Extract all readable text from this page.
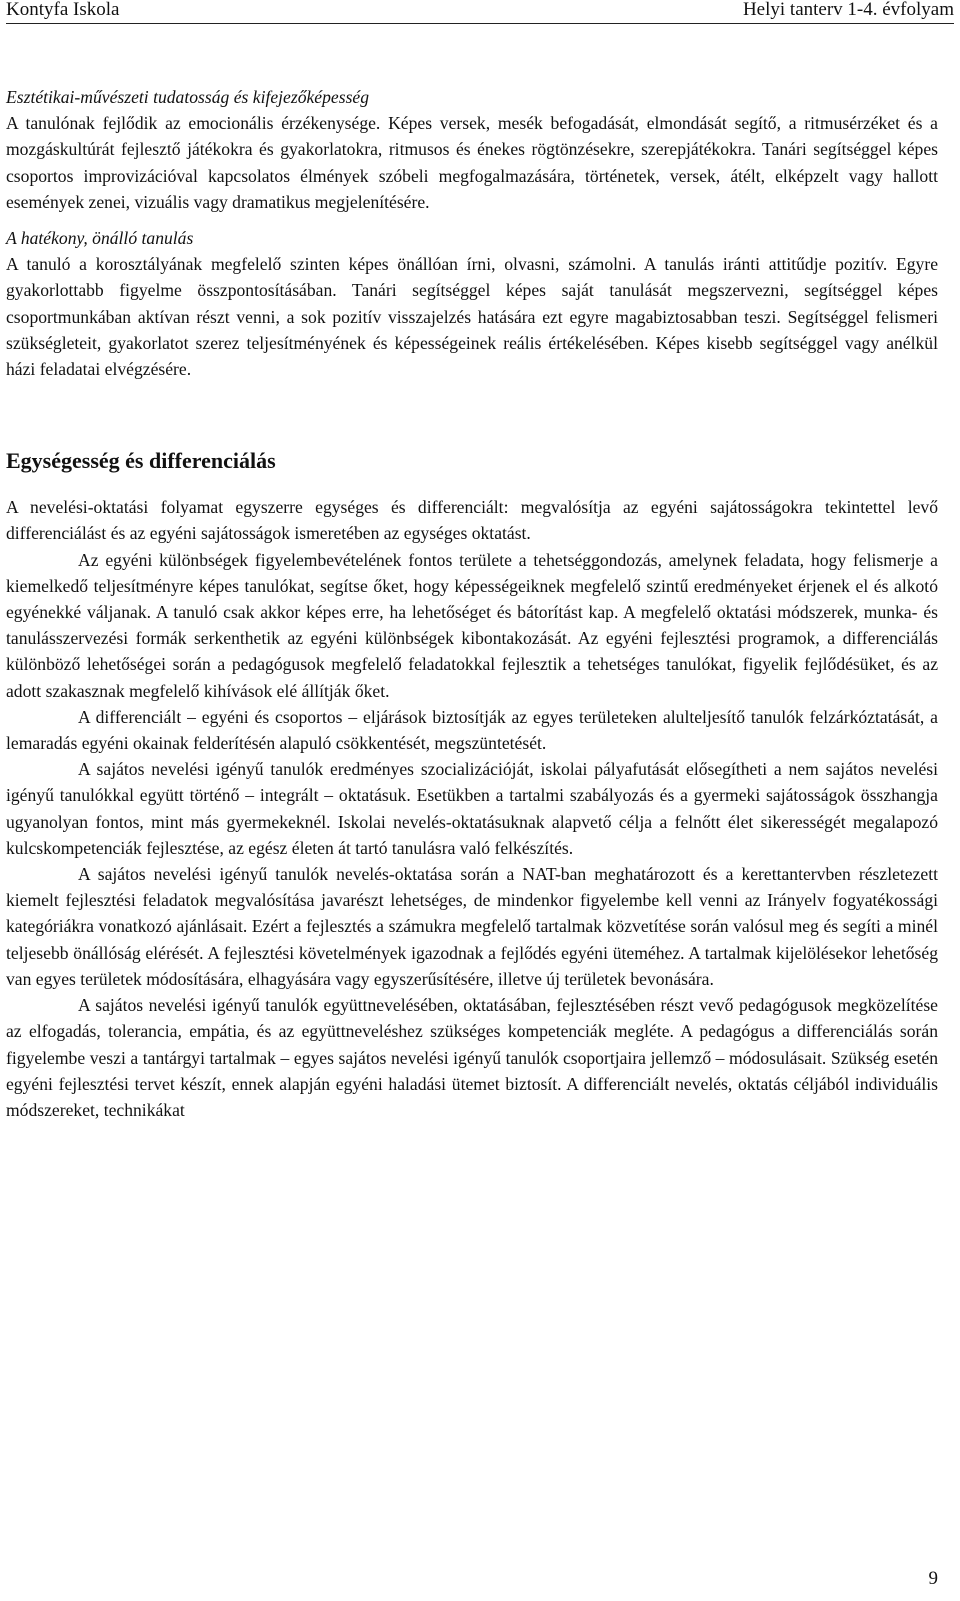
Kontyfa Iskola	Helyi tanterv 1-4. évfolyam

Esztétikai-művészeti tudatosság és kifejezőképesség

A tanulónak fejlődik az emocionális érzékenysége. Képes versek, mesék befogadását, elmondását segítő, a ritmusérzéket és a mozgáskultúrát fejlesztő játékokra és gyakorlatokra, ritmusos és énekes rögtönzésekre, szerepjátékokra. Tanári segítséggel képes csoportos improvizációval kapcsolatos élmények szóbeli megfogalmazására, történetek, versek, átélt, elképzelt vagy hallott események zenei, vizuális vagy dramatikus megjelenítésére.

A hatékony, önálló tanulás

A tanuló a korosztályának megfelelő szinten képes önállóan írni, olvasni, számolni. A tanulás iránti attitűdje pozitív. Egyre gyakorlottabb figyelme összpontosításában. Tanári segítséggel képes saját tanulását megszervezni, segítséggel képes csoportmunkában aktívan részt venni, a sok pozitív visszajelzés hatására ezt egyre magabiztosabban teszi. Segítséggel felismeri szükségleteit, gyakorlatot szerez teljesítményének és képességeinek reális értékelésében. Képes kisebb segítséggel vagy anélkül házi feladatai elvégzésére.

Egységesség és differenciálás

A nevelési-oktatási folyamat egyszerre egységes és differenciált: megvalósítja az egyéni sajátosságokra tekintettel levő differenciálást és az egyéni sajátosságok ismeretében az egységes oktatást.

Az egyéni különbségek figyelembevételének fontos területe a tehetséggondozás, amelynek feladata, hogy felismerje a kiemelkedő teljesítményre képes tanulókat, segítse őket, hogy képességeiknek megfelelő szintű eredményeket érjenek el és alkotó egyénekké váljanak. A tanuló csak akkor képes erre, ha lehetőséget és bátorítást kap. A megfelelő oktatási módszerek, munka- és tanulásszervezési formák serkenthetik az egyéni különbségek kibontakozását. Az egyéni fejlesztési programok, a differenciálás különböző lehetőségei során a pedagógusok megfelelő feladatokkal fejlesztik a tehetséges tanulókat, figyelik fejlődésüket, és az adott szakasznak megfelelő kihívások elé állítják őket.

A differenciált – egyéni és csoportos – eljárások biztosítják az egyes területeken alulteljesítő tanulók felzárkóztatását, a lemaradás egyéni okainak felderítésén alapuló csökkentését, megszüntetését.

A sajátos nevelési igényű tanulók eredményes szocializációját, iskolai pályafutását elősegítheti a nem sajátos nevelési igényű tanulókkal együtt történő – integrált – oktatásuk. Esetükben a tartalmi szabályozás és a gyermeki sajátosságok összhangja ugyanolyan fontos, mint más gyermekeknél. Iskolai nevelés-oktatásuknak alapvető célja a felnőtt élet sikerességét megalapozó kulcskompetenciák fejlesztése, az egész életen át tartó tanulásra való felkészítés.

A sajátos nevelési igényű tanulók nevelés-oktatása során a NAT-ban meghatározott és a kerettantervben részletezett kiemelt fejlesztési feladatok megvalósítása javarészt lehetséges, de mindenkor figyelembe kell venni az Irányelv fogyatékossági kategóriákra vonatkozó ajánlásait. Ezért a fejlesztés a számukra megfelelő tartalmak közvetítése során valósul meg és segíti a minél teljesebb önállóság elérését. A fejlesztési követelmények igazodnak a fejlődés egyéni üteméhez. A tartalmak kijelölésekor lehetőség van egyes területek módosítására, elhagyására vagy egyszerűsítésére, illetve új területek bevonására.

A sajátos nevelési igényű tanulók együttnevelésében, oktatásában, fejlesztésében részt vevő pedagógusok megközelítése az elfogadás, tolerancia, empátia, és az együttneveléshez szükséges kompetenciák megléte. A pedagógus a differenciálás során figyelembe veszi a tantárgyi tartalmak – egyes sajátos nevelési igényű tanulók csoportjaira jellemző – módosulásait. Szükség esetén egyéni fejlesztési tervet készít, ennek alapján egyéni haladási ütemet biztosít. A differenciált nevelés, oktatás céljából individuális módszereket, technikákat

9
